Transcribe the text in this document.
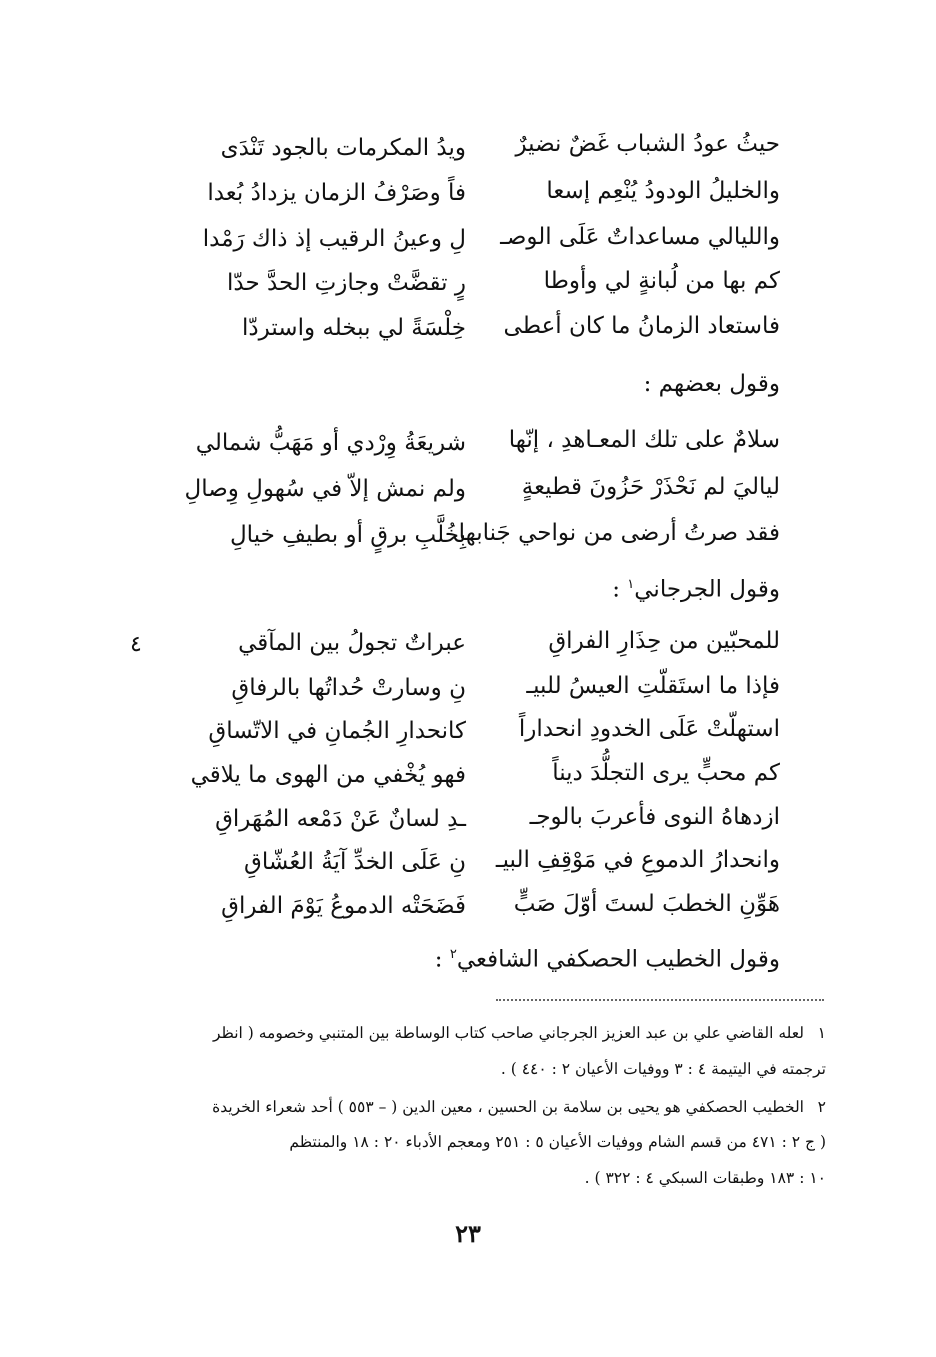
حيثُ عودُ الشباب غَضٌ نضيرٌ
ويدُ المكرمات بالجود تَنْدَى
والخليلُ الودودُ يُنْعِم إسعا
فاً وصَرْفُ الزمان يزدادُ بُعدا
والليالي مساعداتٌ عَلَى الوصـ
لِ وعينُ الرقيب إذ ذاك رَمْدا
كم بها من لُبانةٍ لي وأوطا
رٍ تقضَّتْ وجازتِ الحدَّ حدّا
فاستعاد الزمانُ ما كان أعطى
خِلْسَةً لي ببخله واستردّا
وقول بعضهم :
سلامٌ على تلك المعـاهدِ ، إنّها
شريعَةُ وِرْدي أو مَهَبُّ شمالي
لياليَ لم نَحْذَرْ حَزُونَ قطيعةٍ
ولم نمش إلاّ في سُهولِ وِصالِ
فقد صرتُ أرضى من نواحي جَنابها
بِخُلَّبِ برقٍ أو بطيفِ خيالِ
وقول الجرجاني$^١$ :
٤	للمحبّين من حِذَارِ الفراقِ
عبراتٌ تجولُ بين المآقي
فإذا ما استَقلّتِ العيسُ للبيـ
نِ وسارتْ حُداتُها بالرفاقِ
استهلّتْ عَلَى الخدودِ انحداراً
كانحدارِ الجُمانِ في الاتّساقِ
كم محبٍّ يرى التجلُّدَ ديناً
فهو يُخْفي من الهوى ما يلاقي
ازدهاهُ النوى فأعربَ بالوجـ
ـدِ لسانٌ عَنْ دَمْعه المُهَراقِ
وانحدارُ الدموعِ في مَوْقِفِ البيـ
نِ عَلَى الخدِّ آيَةُ العُشّاقِ
هَوِّنِ الخطبَ لستَ أوّلَ صَبٍّ
فَضَحَتْه الدموعُ يَوْمَ الفراقِ
وقول الخطيب الحصكفي الشافعي$^٢$ :
١لعله القاضي علي بن عبد العزيز الجرجاني صاحب كتاب الوساطة بين المتنبي وخصومه ( انظر
ترجمته في اليتيمة ٤ : ٣ ووفيات الأعيان ٢ : ٤٤٠ ) .
٢الخطيب الحصكفي هو يحيى بن سلامة بن الحسين ، معين الدين ( – ٥٥٣ ) أحد شعراء الخريدة
( ج ٢ : ٤٧١ من قسم الشام ووفيات الأعيان ٥ : ٢٥١ ومعجم الأدباء ٢٠ : ١٨ والمنتظم
١٠ : ١٨٣ وطبقات السبكي ٤ : ٣٢٢ ) .
٢٣
